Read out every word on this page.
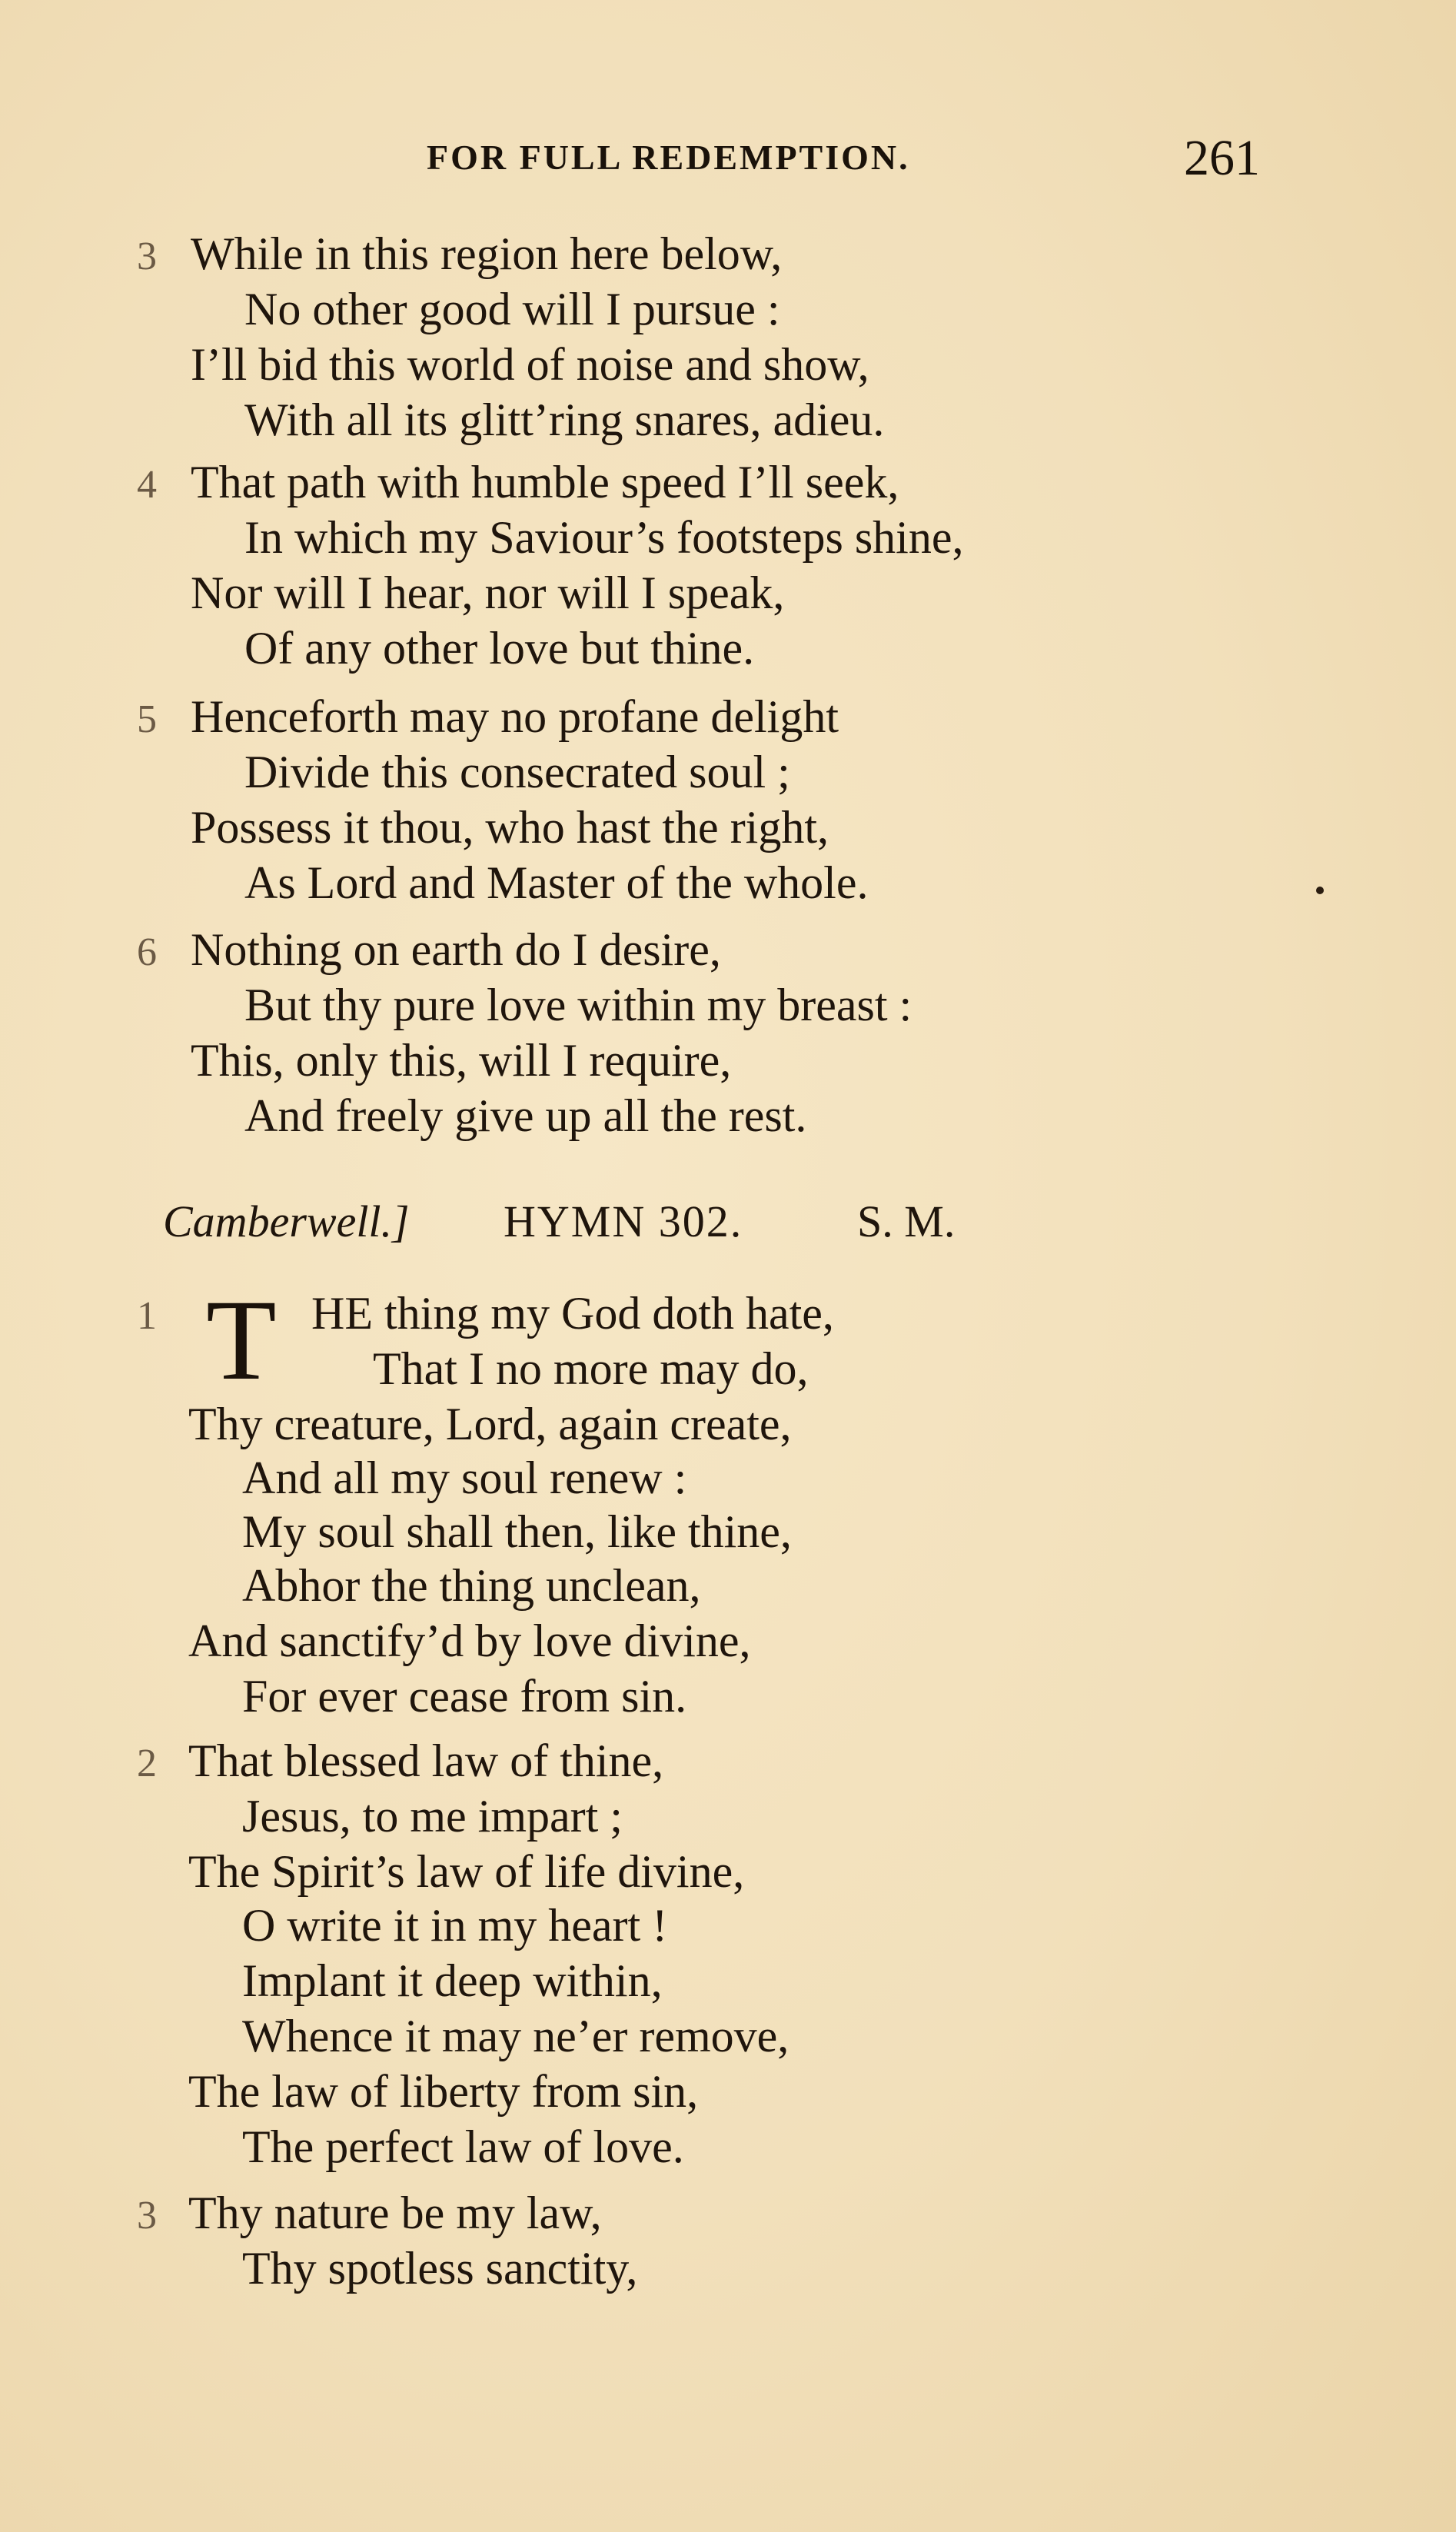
FOR FULL REDEMPTION.	261
3 While in this region here below,
No other good will I pursue :
I’ll bid this world of noise and show,
With all its glitt’ring snares, adieu.
4 That path with humble speed I’ll seek,
In which my Saviour’s footsteps shine,
Nor will I hear, nor will I speak,
Of any other love but thine.
5 Henceforth may no profane delight
Divide this consecrated soul ;
Possess it thou, who hast the right,
As Lord and Master of the whole.
6 Nothing on earth do I desire,
But thy pure love within my breast :
This, only this, will I require,
And freely give up all the rest.
Camberwell.] HYMN 302.	S. M.
1 T HE thing my God doth hate,
That I no more may do,
Thy creature, Lord, again create,
And all my soul renew :
My soul shall then, like thine,
Abhor the thing unclean,
And sanctify’d by love divine,
For ever cease from sin.
2 That blessed law of thine,
Jesus, to me impart ;
The Spirit’s law of life divine,
O write it in my heart !
Implant it deep within,
Whence it may ne’er remove,
The law of liberty from sin,
The perfect law of love.
3 Thy nature be my law,
Thy spotless sanctity,
